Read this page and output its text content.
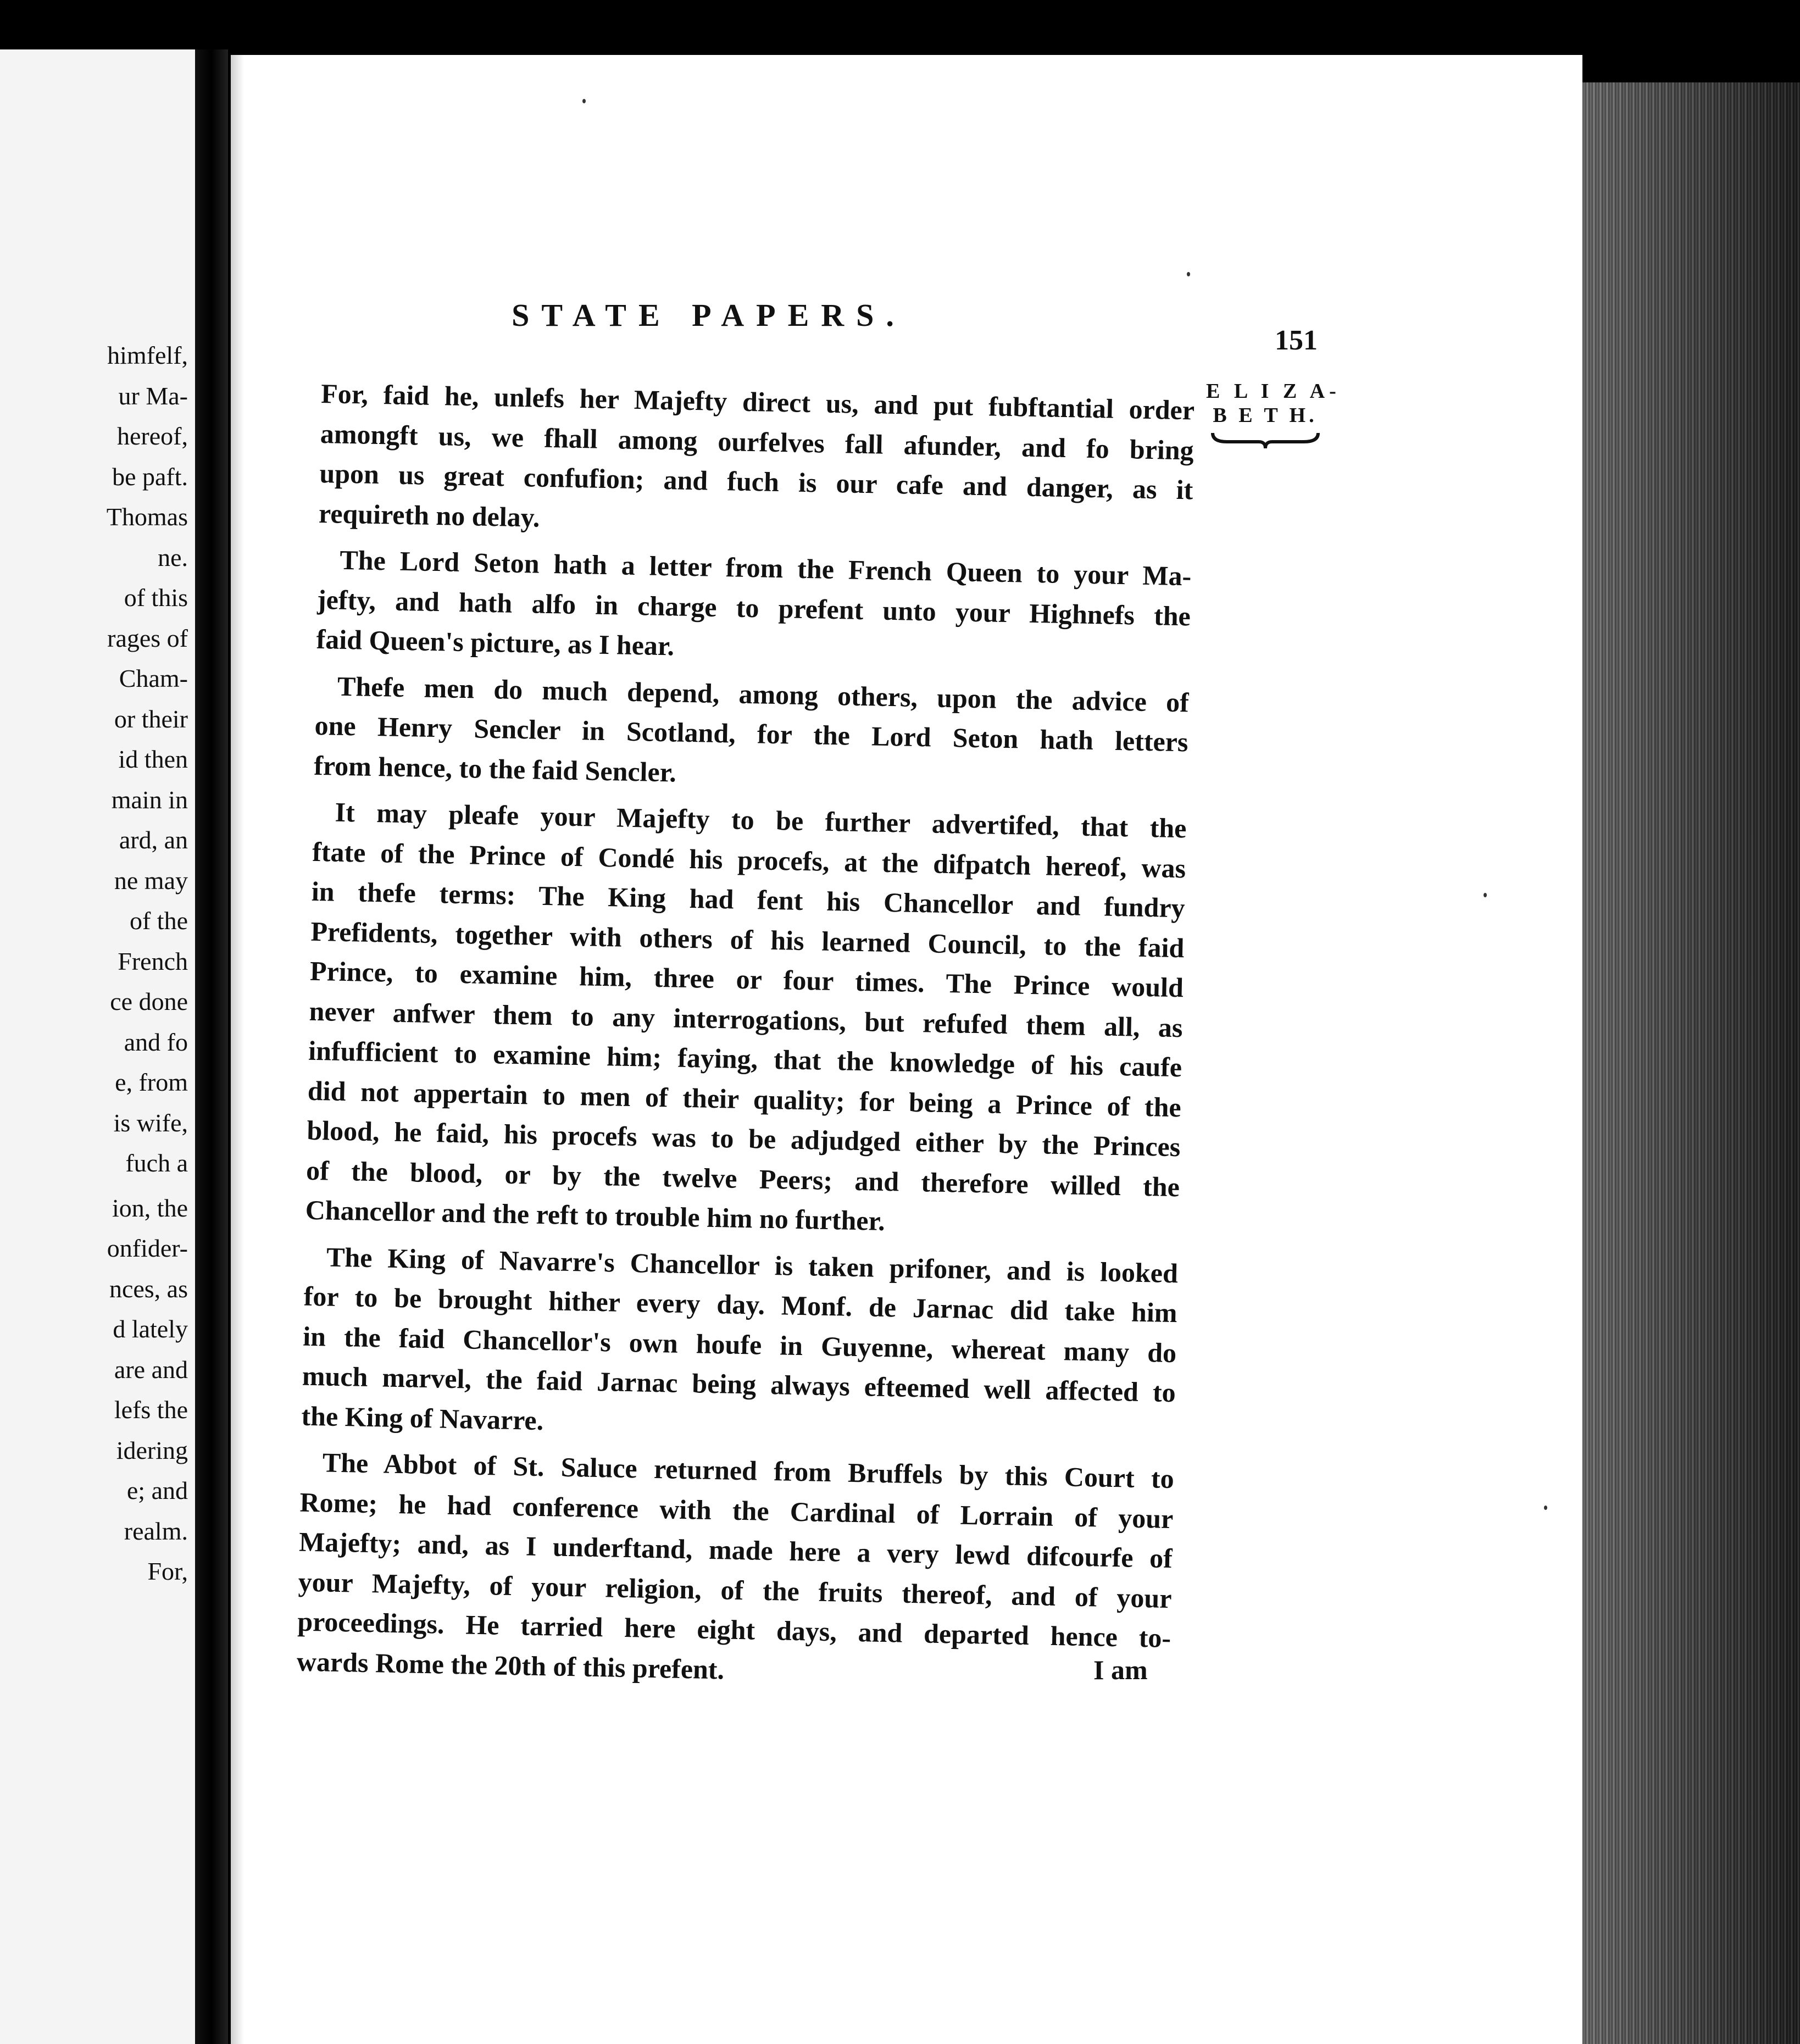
himfelf,
ur Ma-
hereof,
be paft.
Thomas
ne.
of this
rages of
Cham-
or their
id then
main in
ard, an
ne may
of the
French
ce done
and fo
e, from
is wife,
fuch a
ion, the
onfider-
nces, as
d lately
are and
lefs the
idering
e; and
realm.
For,
STATE PAPERS.
151
E L I Z A-
B E T H.
For, faid he, unlefs her Majefty direct us, and put fubftantial order
amongft us, we fhall among ourfelves fall afunder, and fo bring
upon us great confufion; and fuch is our cafe and danger, as it
requireth no delay.
The Lord Seton hath a letter from the French Queen to your Ma-
jefty, and hath alfo in charge to prefent unto your Highnefs the
faid Queen's picture, as I hear.
Thefe men do much depend, among others, upon the advice of
one Henry Sencler in Scotland, for the Lord Seton hath letters
from hence, to the faid Sencler.
It may pleafe your Majefty to be further advertifed, that the
ftate of the Prince of Condé his procefs, at the difpatch hereof, was
in thefe terms: The King had fent his Chancellor and fundry
Prefidents, together with others of his learned Council, to the faid
Prince, to examine him, three or four times. The Prince would
never anfwer them to any interrogations, but refufed them all, as
infufficient to examine him; faying, that the knowledge of his caufe
did not appertain to men of their quality; for being a Prince of the
blood, he faid, his procefs was to be adjudged either by the Princes
of the blood, or by the twelve Peers; and therefore willed the
Chancellor and the reft to trouble him no further.
The King of Navarre's Chancellor is taken prifoner, and is looked
for to be brought hither every day. Monf. de Jarnac did take him
in the faid Chancellor's own houfe in Guyenne, whereat many do
much marvel, the faid Jarnac being always efteemed well affected to
the King of Navarre.
The Abbot of St. Saluce returned from Bruffels by this Court to
Rome; he had conference with the Cardinal of Lorrain of your
Majefty; and, as I underftand, made here a very lewd difcourfe of
your Majefty, of your religion, of the fruits thereof, and of your
proceedings. He tarried here eight days, and departed hence to-
wards Rome the 20th of this prefent.	I am
